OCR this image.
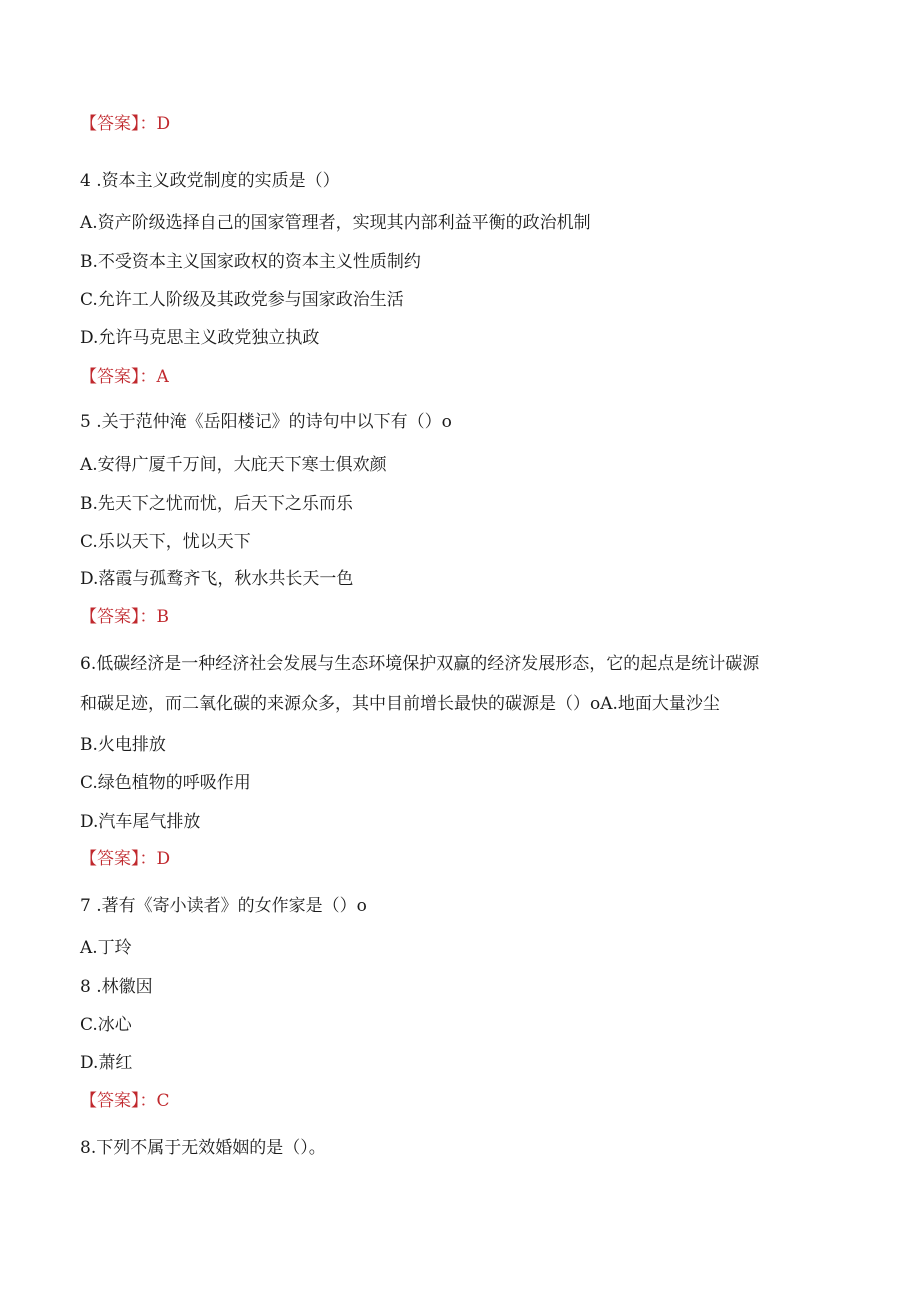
【答案】：D
4 .资本主义政党制度的实质是（）
A.资产阶级选择自己的国家管理者，实现其内部利益平衡的政治机制
B.不受资本主义国家政权的资本主义性质制约
C.允许工人阶级及其政党参与国家政治生活
D.允许马克思主义政党独立执政
【答案】：A
5 .关于范仲淹《岳阳楼记》的诗句中以下有（）o
A.安得广厦千万间，大庇天下寒士俱欢颜
B.先天下之忧而忧，后天下之乐而乐
C.乐以天下，忧以天下
D.落霞与孤鹜齐飞，秋水共长天一色
【答案】：B
6.低碳经济是一种经济社会发展与生态环境保护双赢的经济发展形态，它的起点是统计碳源
和碳足迹，而二氧化碳的来源众多，其中目前增长最快的碳源是（）oA.地面大量沙尘
B.火电排放
C.绿色植物的呼吸作用
D.汽车尾气排放
【答案】：D
7 .著有《寄小读者》的女作家是（）o
A.丁玲
8 .林徽因
C.冰心
D.萧红
【答案】：C
8.下列不属于无效婚姻的是（）。
